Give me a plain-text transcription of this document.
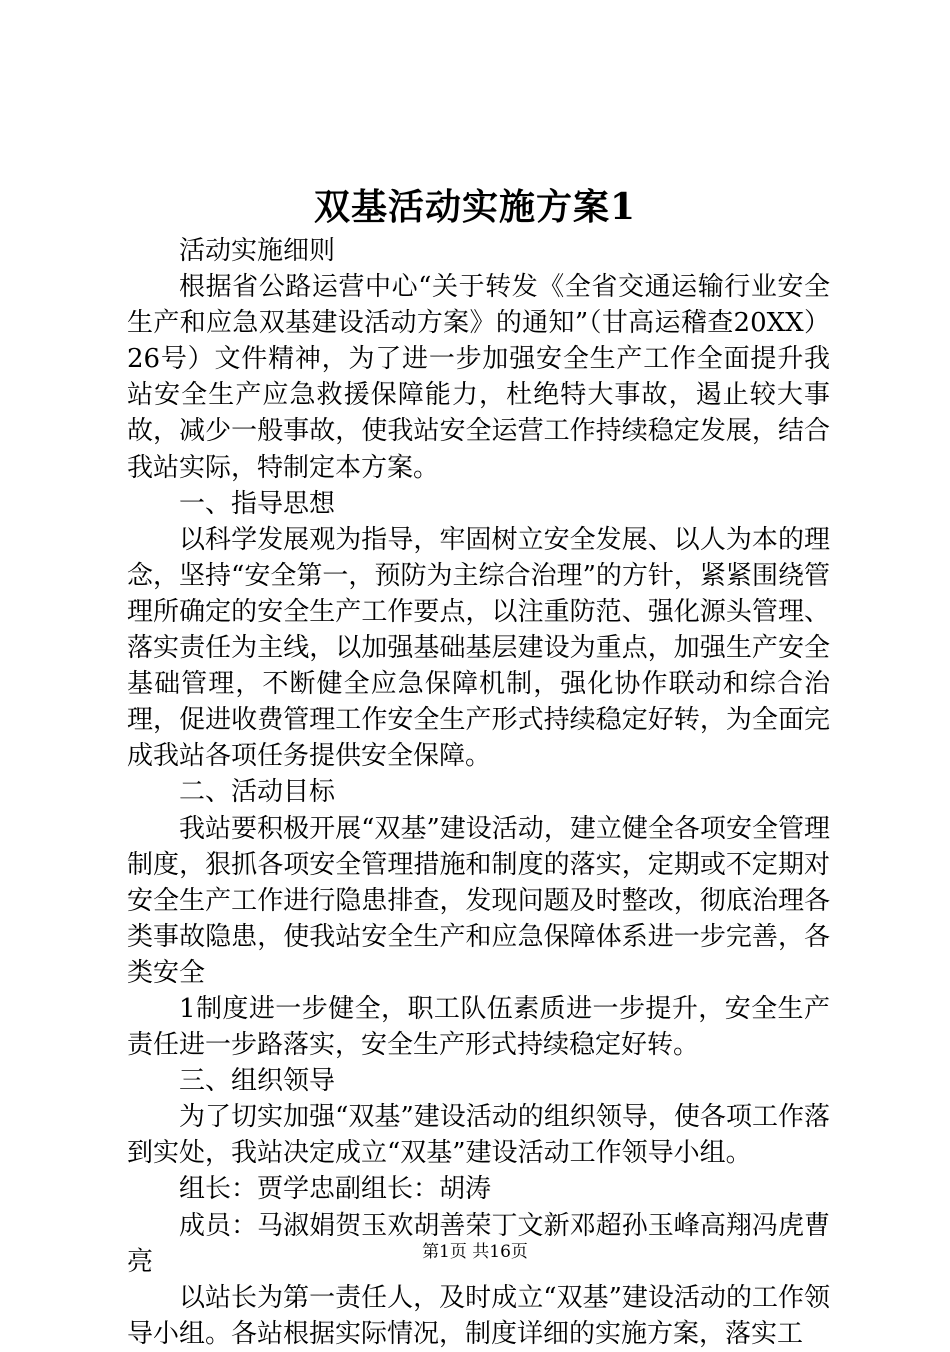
双基活动实施方案1

活动实施细则

根据省公路运营中心“关于转发《全省交通运输行业安全生产和应急双基建设活动方案》的通知”（甘高运稽查20XX）26号）文件精神，为了进一步加强安全生产工作全面提升我站安全生产应急救援保障能力，杜绝特大事故，遏止较大事故，减少一般事故，使我站安全运营工作持续稳定发展，结合我站实际，特制定本方案。

一、指导思想

以科学发展观为指导，牢固树立安全发展、以人为本的理念，坚持“安全第一，预防为主综合治理”的方针，紧紧围绕管理所确定的安全生产工作要点，以注重防范、强化源头管理、落实责任为主线，以加强基础基层建设为重点，加强生产安全基础管理，不断健全应急保障机制，强化协作联动和综合治理，促进收费管理工作安全生产形式持续稳定好转，为全面完成我站各项任务提供安全保障。

二、活动目标

我站要积极开展“双基”建设活动，建立健全各项安全管理制度，狠抓各项安全管理措施和制度的落实，定期或不定期对安全生产工作进行隐患排查，发现问题及时整改，彻底治理各类事故隐患，使我站安全生产和应急保障体系进一步完善，各类安全

1制度进一步健全，职工队伍素质进一步提升，安全生产责任进一步路落实，安全生产形式持续稳定好转。

三、组织领导

为了切实加强“双基”建设活动的组织领导，使各项工作落到实处，我站决定成立“双基”建设活动工作领导小组。

组长：贾学忠副组长：胡涛

成员：马淑娟贺玉欢胡善荣丁文新邓超孙玉峰高翔冯虎曹亮

以站长为第一责任人，及时成立“双基”建设活动的工作领导小组。各站根据实际情况，制度详细的实施方案，落实工

第1页 共16页
